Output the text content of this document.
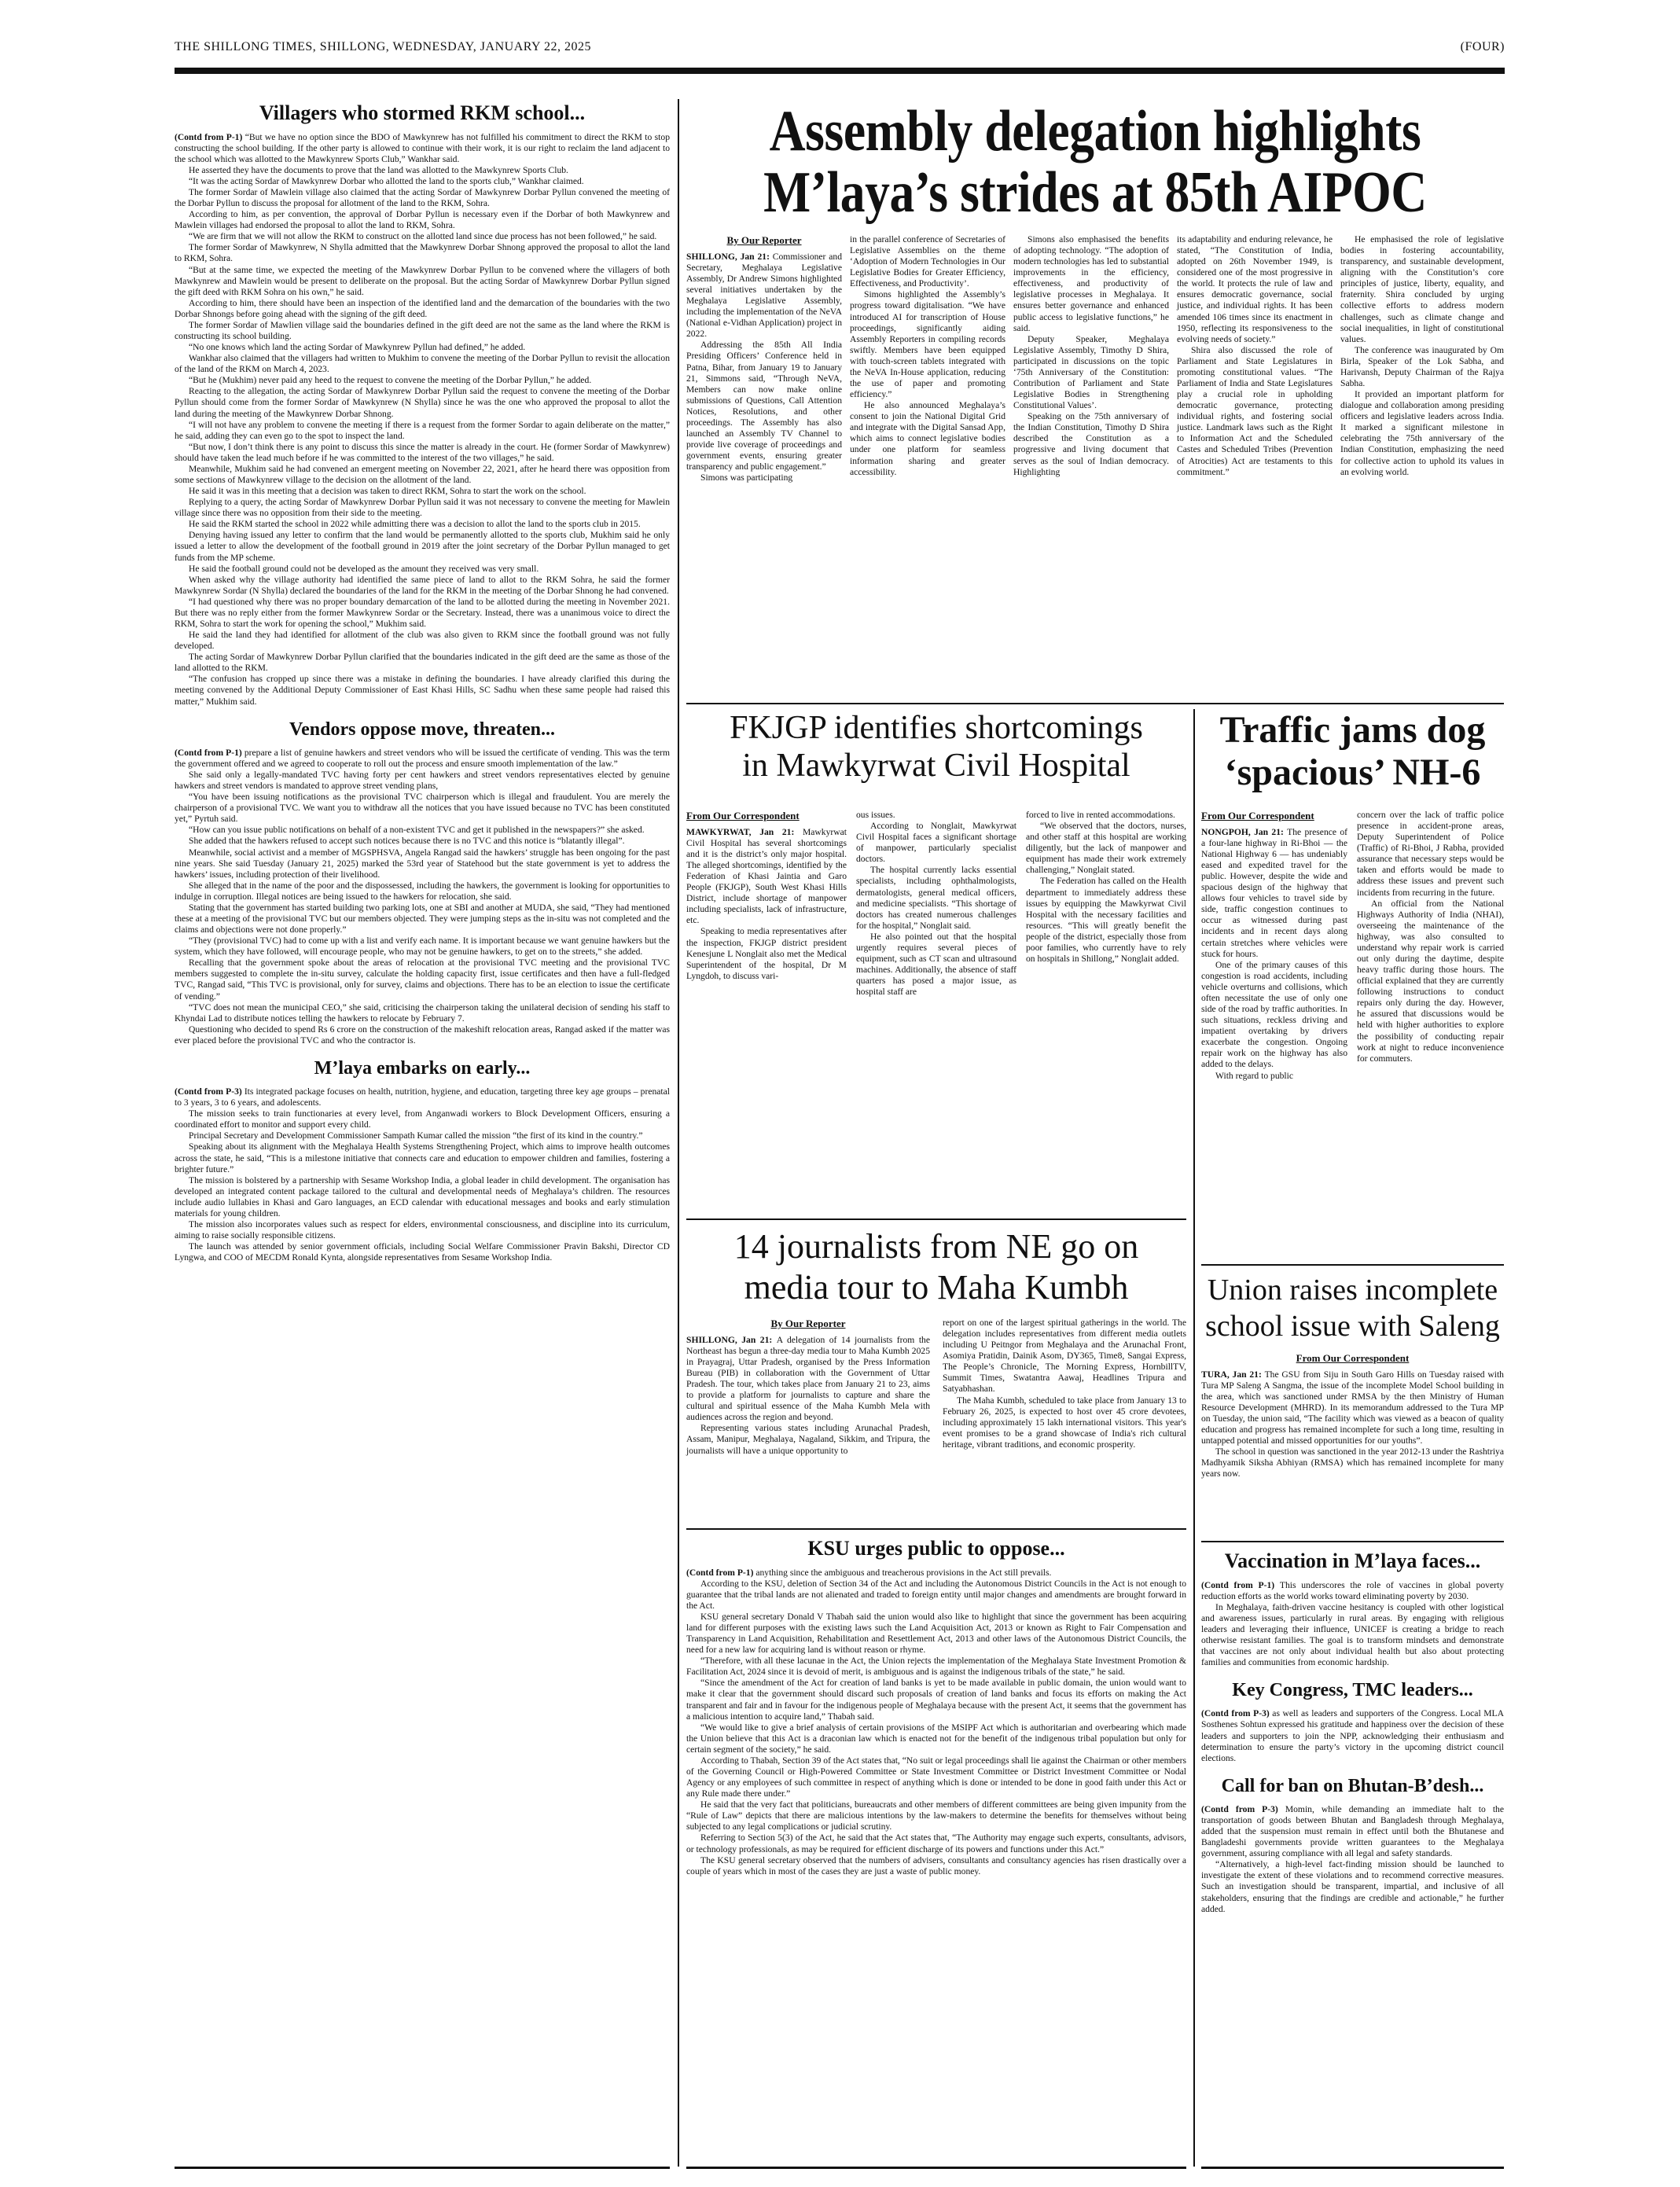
THE SHILLONG TIMES, SHILLONG, WEDNESDAY, JANUARY 22, 2025	(FOUR)
Villagers who stormed RKM school...

(Contd from P-1) “But we have no option since the BDO of Mawkynrew has not fulfilled his commitment to direct the RKM to stop constructing the school building. If the other party is allowed to continue with their work, it is our right to reclaim the land adjacent to the school which was allotted to the Mawkynrew Sports Club,” Wankhar said.

He asserted they have the documents to prove that the land was allotted to the Mawkynrew Sports Club.

“It was the acting Sordar of Mawkynrew Dorbar who allotted the land to the sports club,” Wankhar claimed.

The former Sordar of Mawlein village also claimed that the acting Sordar of Mawkynrew Dorbar Pyllun convened the meeting of the Dorbar Pyllun to discuss the proposal for allotment of the land to the RKM, Sohra.

According to him, as per convention, the approval of Dorbar Pyllun is necessary even if the Dorbar of both Mawkynrew and Mawlein villages had endorsed the proposal to allot the land to RKM, Sohra.

“We are firm that we will not allow the RKM to construct on the allotted land since due process has not been followed,” he said.

The former Sordar of Mawkynrew, N Shylla admitted that the Mawkynrew Dorbar Shnong approved the proposal to allot the land to RKM, Sohra.

“But at the same time, we expected the meeting of the Mawkynrew Dorbar Pyllun to be convened where the villagers of both Mawkynrew and Mawlein would be present to deliberate on the proposal. But the acting Sordar of Mawkynrew Dorbar Pyllun signed the gift deed with RKM Sohra on his own,” he said.

According to him, there should have been an inspection of the identified land and the demarcation of the boundaries with the two Dorbar Shnongs before going ahead with the signing of the gift deed.

The former Sordar of Mawlien village said the boundaries defined in the gift deed are not the same as the land where the RKM is constructing its school building.

“No one knows which land the acting Sordar of Mawkynrew Pyllun had defined,” he added.

Wankhar also claimed that the villagers had written to Mukhim to convene the meeting of the Dorbar Pyllun to revisit the allocation of the land of the RKM on March 4, 2023.

“But he (Mukhim) never paid any heed to the request to convene the meeting of the Dorbar Pyllun,” he added.

Reacting to the allegation, the acting Sordar of Mawkynrew Dorbar Pyllun said the request to convene the meeting of the Dorbar Pyllun should come from the former Sordar of Mawkynrew (N Shylla) since he was the one who approved the proposal to allot the land during the meeting of the Mawkynrew Dorbar Shnong.

“I will not have any problem to convene the meeting if there is a request from the former Sordar to again deliberate on the matter,” he said, adding they can even go to the spot to inspect the land.

“But now, I don’t think there is any point to discuss this since the matter is already in the court. He (former Sordar of Mawkynrew) should have taken the lead much before if he was committed to the interest of the two villages,” he said.

Meanwhile, Mukhim said he had convened an emergent meeting on November 22, 2021, after he heard there was opposition from some sections of Mawkynrew village to the decision on the allotment of the land.

He said it was in this meeting that a decision was taken to direct RKM, Sohra to start the work on the school.

Replying to a query, the acting Sordar of Mawkynrew Dorbar Pyllun said it was not necessary to convene the meeting for Mawlein village since there was no opposition from their side to the meeting.

He said the RKM started the school in 2022 while admitting there was a decision to allot the land to the sports club in 2015.

Denying having issued any letter to confirm that the land would be permanently allotted to the sports club, Mukhim said he only issued a letter to allow the development of the football ground in 2019 after the joint secretary of the Dorbar Pyllun managed to get funds from the MP scheme.

He said the football ground could not be developed as the amount they received was very small.

When asked why the village authority had identified the same piece of land to allot to the RKM Sohra, he said the former Mawkynrew Sordar (N Shylla) declared the boundaries of the land for the RKM in the meeting of the Dorbar Shnong he had convened.

“I had questioned why there was no proper boundary demarcation of the land to be allotted during the meeting in November 2021. But there was no reply either from the former Mawkynrew Sordar or the Secretary. Instead, there was a unanimous voice to direct the RKM, Sohra to start the work for opening the school,” Mukhim said.

He said the land they had identified for allotment of the club was also given to RKM since the football ground was not fully developed.

The acting Sordar of Mawkynrew Dorbar Pyllun clarified that the boundaries indicated in the gift deed are the same as those of the land allotted to the RKM.

“The confusion has cropped up since there was a mistake in defining the boundaries. I have already clarified this during the meeting convened by the Additional Deputy Commissioner of East Khasi Hills, SC Sadhu when these same people had raised this matter,” Mukhim said.

Vendors oppose move, threaten...

(Contd from P-1) prepare a list of genuine hawkers and street vendors who will be issued the certificate of vending. This was the term the government offered and we agreed to cooperate to roll out the process and ensure smooth implementation of the law.”

She said only a legally-mandated TVC having forty per cent hawkers and street vendors representatives elected by genuine hawkers and street vendors is mandated to approve street vending plans,

“You have been issuing notifications as the provisional TVC chairperson which is illegal and fraudulent. You are merely the chairperson of a provisional TVC. We want you to withdraw all the notices that you have issued because no TVC has been constituted yet,” Pyrtuh said.

“How can you issue public notifications on behalf of a non-existent TVC and get it published in the newspapers?” she asked.

She added that the hawkers refused to accept such notices because there is no TVC and this notice is “blatantly illegal”.

Meanwhile, social activist and a member of MGSPHSVA, Angela Rangad said the hawkers’ struggle has been ongoing for the past nine years. She said Tuesday (January 21, 2025) marked the 53rd year of Statehood but the state government is yet to address the hawkers’ issues, including protection of their livelihood.

She alleged that in the name of the poor and the dispossessed, including the hawkers, the government is looking for opportunities to indulge in corruption. Illegal notices are being issued to the hawkers for relocation, she said.

Stating that the government has started building two parking lots, one at SBI and another at MUDA, she said, “They had mentioned these at a meeting of the provisional TVC but our members objected. They were jumping steps as the in-situ was not completed and the claims and objections were not done properly.”

“They (provisional TVC) had to come up with a list and verify each name. It is important because we want genuine hawkers but the system, which they have followed, will encourage people, who may not be genuine hawkers, to get on to the streets,” she added.

Recalling that the government spoke about the areas of relocation at the provisional TVC meeting and the provisional TVC members suggested to complete the in-situ survey, calculate the holding capacity first, issue certificates and then have a full-fledged TVC, Rangad said, “This TVC is provisional, only for survey, claims and objections. There has to be an election to issue the certificate of vending.”

“TVC does not mean the municipal CEO,” she said, criticising the chairperson taking the unilateral decision of sending his staff to Khyndai Lad to distribute notices telling the hawkers to relocate by February 7.

Questioning who decided to spend Rs 6 crore on the construction of the makeshift relocation areas, Rangad asked if the matter was ever placed before the provisional TVC and who the contractor is.

M’laya embarks on early...

(Contd from P-3) Its integrated package focuses on health, nutrition, hygiene, and education, targeting three key age groups – prenatal to 3 years, 3 to 6 years, and adolescents.

The mission seeks to train functionaries at every level, from Anganwadi workers to Block Development Officers, ensuring a coordinated effort to monitor and support every child.

Principal Secretary and Development Commissioner Sampath Kumar called the mission “the first of its kind in the country.”

Speaking about its alignment with the Meghalaya Health Systems Strengthening Project, which aims to improve health outcomes across the state, he said, “This is a milestone initiative that connects care and education to empower children and families, fostering a brighter future.”

The mission is bolstered by a partnership with Sesame Workshop India, a global leader in child development. The organisation has developed an integrated content package tailored to the cultural and developmental needs of Meghalaya’s children. The resources include audio lullabies in Khasi and Garo languages, an ECD calendar with educational messages and books and early stimulation materials for young children.

The mission also incorporates values such as respect for elders, environmental consciousness, and discipline into its curriculum, aiming to raise socially responsible citizens.

The launch was attended by senior government officials, including Social Welfare Commissioner Pravin Bakshi, Director CD Lyngwa, and COO of MECDM Ronald Kynta, alongside representatives from Sesame Workshop India.

Assembly delegation highlights
M’laya’s strides at 85th AIPOC
By Our Reporter

SHILLONG, Jan 21: Commissioner and Secretary, Meghalaya Legislative Assembly, Dr Andrew Simons highlighted several initiatives undertaken by the Meghalaya Legislative Assembly, including the implementation of the NeVA (National e-Vidhan Application) project in 2022.

Addressing the 85th All India Presiding Officers’ Conference held in Patna, Bihar, from January 19 to January 21, Simmons said, “Through NeVA, Members can now make online submissions of Questions, Call Attention Notices, Resolutions, and other proceedings. The Assembly has also launched an Assembly TV Channel to provide live coverage of proceedings and government events, ensuring greater transparency and public engagement.”

Simons was participating

in the parallel conference of Secretaries of Legislative Assemblies on the theme ‘Adoption of Modern Technologies in Our Legislative Bodies for Greater Efficiency, Effectiveness, and Productivity’.

Simons highlighted the Assembly’s progress toward digitalisation. “We have introduced AI for transcription of House proceedings, significantly aiding Assembly Reporters in compiling records swiftly. Members have been equipped with touch-screen tablets integrated with the NeVA In-House application, reducing the use of paper and promoting efficiency.”

He also announced Meghalaya’s consent to join the National Digital Grid and integrate with the Digital Sansad App, which aims to connect legislative bodies under one platform for seamless information sharing and greater accessibility.

Simons also emphasised the benefits of adopting technology. “The adoption of modern technologies has led to substantial improvements in the efficiency, effectiveness, and productivity of legislative processes in Meghalaya. It ensures better governance and enhanced public access to legislative functions,” he said.

Deputy Speaker, Meghalaya Legislative Assembly, Timothy D Shira, participated in discussions on the topic ‘75th Anniversary of the Constitution: Contribution of Parliament and State Legislative Bodies in Strengthening Constitutional Values’.

Speaking on the 75th anniversary of the Indian Constitution, Timothy D Shira described the Constitution as a progressive and living document that serves as the soul of Indian democracy. Highlighting

its adaptability and enduring relevance, he stated, “The Constitution of India, adopted on 26th November 1949, is considered one of the most progressive in the world. It protects the rule of law and ensures democratic governance, social justice, and individual rights. It has been amended 106 times since its enactment in 1950, reflecting its responsiveness to the evolving needs of society.”

Shira also discussed the role of Parliament and State Legislatures in promoting constitutional values. “The Parliament of India and State Legislatures play a crucial role in upholding democratic governance, protecting individual rights, and fostering social justice. Landmark laws such as the Right to Information Act and the Scheduled Castes and Scheduled Tribes (Prevention of Atrocities) Act are testaments to this commitment.”

He emphasised the role of legislative bodies in fostering accountability, transparency, and sustainable development, aligning with the Constitution’s core principles of justice, liberty, equality, and fraternity. Shira concluded by urging collective efforts to address modern challenges, such as climate change and social inequalities, in light of constitutional values.

The conference was inaugurated by Om Birla, Speaker of the Lok Sabha, and Harivansh, Deputy Chairman of the Rajya Sabha.

It provided an important platform for dialogue and collaboration among presiding officers and legislative leaders across India. It marked a significant milestone in celebrating the 75th anniversary of the Indian Constitution, emphasizing the need for collective action to uphold its values in an evolving world.

FKJGP identifies shortcomings
in Mawkyrwat Civil Hospital
From Our Correspondent

MAWKYRWAT, Jan 21: Mawkyrwat Civil Hospital has several shortcomings and it is the district’s only major hospital. The alleged shortcomings, identified by the Federation of Khasi Jaintia and Garo People (FKJGP), South West Khasi Hills District, include shortage of manpower including specialists, lack of infrastructure, etc.

Speaking to media representatives after the inspection, FKJGP district president Kenesjune L Nonglait also met the Medical Superintendent of the hospital, Dr M Lyngdoh, to discuss vari-

ous issues.

According to Nonglait, Mawkyrwat Civil Hospital faces a significant shortage of manpower, particularly specialist doctors.

The hospital currently lacks essential specialists, including ophthalmologists, dermatologists, general medical officers, and medicine specialists. “This shortage of doctors has created numerous challenges for the hospital,” Nonglait said.

He also pointed out that the hospital urgently requires several pieces of equipment, such as CT scan and ultrasound machines. Additionally, the absence of staff quarters has posed a major issue, as hospital staff are

forced to live in rented accommodations.

“We observed that the doctors, nurses, and other staff at this hospital are working diligently, but the lack of manpower and equipment has made their work extremely challenging,” Nonglait stated.

The Federation has called on the Health department to immediately address these issues by equipping the Mawkyrwat Civil Hospital with the necessary facilities and resources. “This will greatly benefit the people of the district, especially those from poor families, who currently have to rely on hospitals in Shillong,” Nonglait added.

14 journalists from NE go on
media tour to Maha Kumbh
By Our Reporter

SHILLONG, Jan 21: A delegation of 14 journalists from the Northeast has begun a three-day media tour to Maha Kumbh 2025 in Prayagraj, Uttar Pradesh, organised by the Press Information Bureau (PIB) in collaboration with the Government of Uttar Pradesh. The tour, which takes place from January 21 to 23, aims to provide a platform for journalists to capture and share the cultural and spiritual essence of the Maha Kumbh Mela with audiences across the region and beyond.

Representing various states including Arunachal Pradesh, Assam, Manipur, Meghalaya, Nagaland, Sikkim, and Tripura, the journalists will have a unique opportunity to

report on one of the largest spiritual gatherings in the world. The delegation includes representatives from different media outlets including U Peitngor from Meghalaya and the Arunachal Front, Asomiya Pratidin, Dainik Asom, DY365, Time8, Sangai Express, The People’s Chronicle, The Morning Express, HornbillTV, Summit Times, Swatantra Aawaj, Headlines Tripura and Satyabhashan.

The Maha Kumbh, scheduled to take place from January 13 to February 26, 2025, is expected to host over 45 crore devotees, including approximately 15 lakh international visitors. This year's event promises to be a grand showcase of India's rich cultural heritage, vibrant traditions, and economic prosperity.

KSU urges public to oppose...

(Contd from P-1) anything since the ambiguous and treacherous provisions in the Act still prevails.

According to the KSU, deletion of Section 34 of the Act and including the Autonomous District Councils in the Act is not enough to guarantee that the tribal lands are not alienated and traded to foreign entity until major changes and amendments are brought forward in the Act.

KSU general secretary Donald V Thabah said the union would also like to highlight that since the government has been acquiring land for different purposes with the existing laws such the Land Acquisition Act, 2013 or known as Right to Fair Compensation and Transparency in Land Acquisition, Rehabilitation and Resettlement Act, 2013 and other laws of the Autonomous District Councils, the need for a new law for acquiring land is without reason or rhyme.

“Therefore, with all these lacunae in the Act, the Union rejects the implementation of the Meghalaya State Investment Promotion & Facilitation Act, 2024 since it is devoid of merit, is ambiguous and is against the indigenous tribals of the state,” he said.

“Since the amendment of the Act for creation of land banks is yet to be made available in public domain, the union would want to make it clear that the government should discard such proposals of creation of land banks and focus its efforts on making the Act transparent and fair and in favour for the indigenous people of Meghalaya because with the present Act, it seems that the government has a malicious intention to acquire land,” Thabah said.

“We would like to give a brief analysis of certain provisions of the MSIPF Act which is authoritarian and overbearing which made the Union believe that this Act is a draconian law which is enacted not for the benefit of the indigenous tribal population but only for certain segment of the society,” he said.

According to Thabah, Section 39 of the Act states that, “No suit or legal proceedings shall lie against the Chairman or other members of the Governing Council or High-Powered Committee or State Investment Committee or District Investment Committee or Nodal Agency or any employees of such committee in respect of anything which is done or intended to be done in good faith under this Act or any Rule made there under.”

He said that the very fact that politicians, bureaucrats and other members of different committees are being given impunity from the “Rule of Law” depicts that there are malicious intentions by the law-makers to determine the benefits for themselves without being subjected to any legal complications or judicial scrutiny.

Referring to Section 5(3) of the Act, he said that the Act states that, “The Authority may engage such experts, consultants, advisors, or technology professionals, as may be required for efficient discharge of its powers and functions under this Act.”

The KSU general secretary observed that the numbers of advisers, consultants and consultancy agencies has risen drastically over a couple of years which in most of the cases they are just a waste of public money.

Traffic jams dog
‘spacious’ NH-6
From Our Correspondent

NONGPOH, Jan 21: The presence of a four-lane highway in Ri-Bhoi — the National Highway 6 — has undeniably eased and expedited travel for the public. However, despite the wide and spacious design of the highway that allows four vehicles to travel side by side, traffic congestion continues to occur as witnessed during past incidents and in recent days along certain stretches where vehicles were stuck for hours.

One of the primary causes of this congestion is road accidents, including vehicle overturns and collisions, which often necessitate the use of only one side of the road by traffic authorities. In such situations, reckless driving and impatient overtaking by drivers exacerbate the congestion. Ongoing repair work on the highway has also added to the delays.

With regard to public

concern over the lack of traffic police presence in accident-prone areas, Deputy Superintendent of Police (Traffic) of Ri-Bhoi, J Rabha, provided assurance that necessary steps would be taken and efforts would be made to address these issues and prevent such incidents from recurring in the future.

An official from the National Highways Authority of India (NHAI), overseeing the maintenance of the highway, was also consulted to understand why repair work is carried out only during the daytime, despite heavy traffic during those hours. The official explained that they are currently following instructions to conduct repairs only during the day. However, he assured that discussions would be held with higher authorities to explore the possibility of conducting repair work at night to reduce inconvenience for commuters.

Union raises incomplete
school issue with Saleng
From Our Correspondent

TURA, Jan 21: The GSU from Siju in South Garo Hills on Tuesday raised with Tura MP Saleng A Sangma, the issue of the incomplete Model School building in the area, which was sanctioned under RMSA by the then Ministry of Human Resource Development (MHRD). In its memorandum addressed to the Tura MP on Tuesday, the union said, “The facility which was viewed as a beacon of quality education and progress has remained incomplete for such a long time, resulting in untapped potential and missed opportunities for our youths”.

The school in question was sanctioned in the year 2012-13 under the Rashtriya Madhyamik Siksha Abhiyan (RMSA) which has remained incomplete for many years now.

Vaccination in M’laya faces...

(Contd from P-1) This underscores the role of vaccines in global poverty reduction efforts as the world works toward eliminating poverty by 2030.

In Meghalaya, faith-driven vaccine hesitancy is coupled with other logistical and awareness issues, particularly in rural areas. By engaging with religious leaders and leveraging their influence, UNICEF is creating a bridge to reach otherwise resistant families. The goal is to transform mindsets and demonstrate that vaccines are not only about individual health but also about protecting families and communities from economic hardship.

Key Congress, TMC leaders...

(Contd from P-3) as well as leaders and supporters of the Congress. Local MLA Sosthenes Sohtun expressed his gratitude and happiness over the decision of these leaders and supporters to join the NPP, acknowledging their enthusiasm and determination to ensure the party’s victory in the upcoming district council elections.

Call for ban on Bhutan-B’desh...

(Contd from P-3) Momin, while demanding an immediate halt to the transportation of goods between Bhutan and Bangladesh through Meghalaya, added that the suspension must remain in effect until both the Bhutanese and Bangladeshi governments provide written guarantees to the Meghalaya government, assuring compliance with all legal and safety standards.

“Alternatively, a high-level fact-finding mission should be launched to investigate the extent of these violations and to recommend corrective measures. Such an investigation should be transparent, impartial, and inclusive of all stakeholders, ensuring that the findings are credible and actionable,” he further added.
